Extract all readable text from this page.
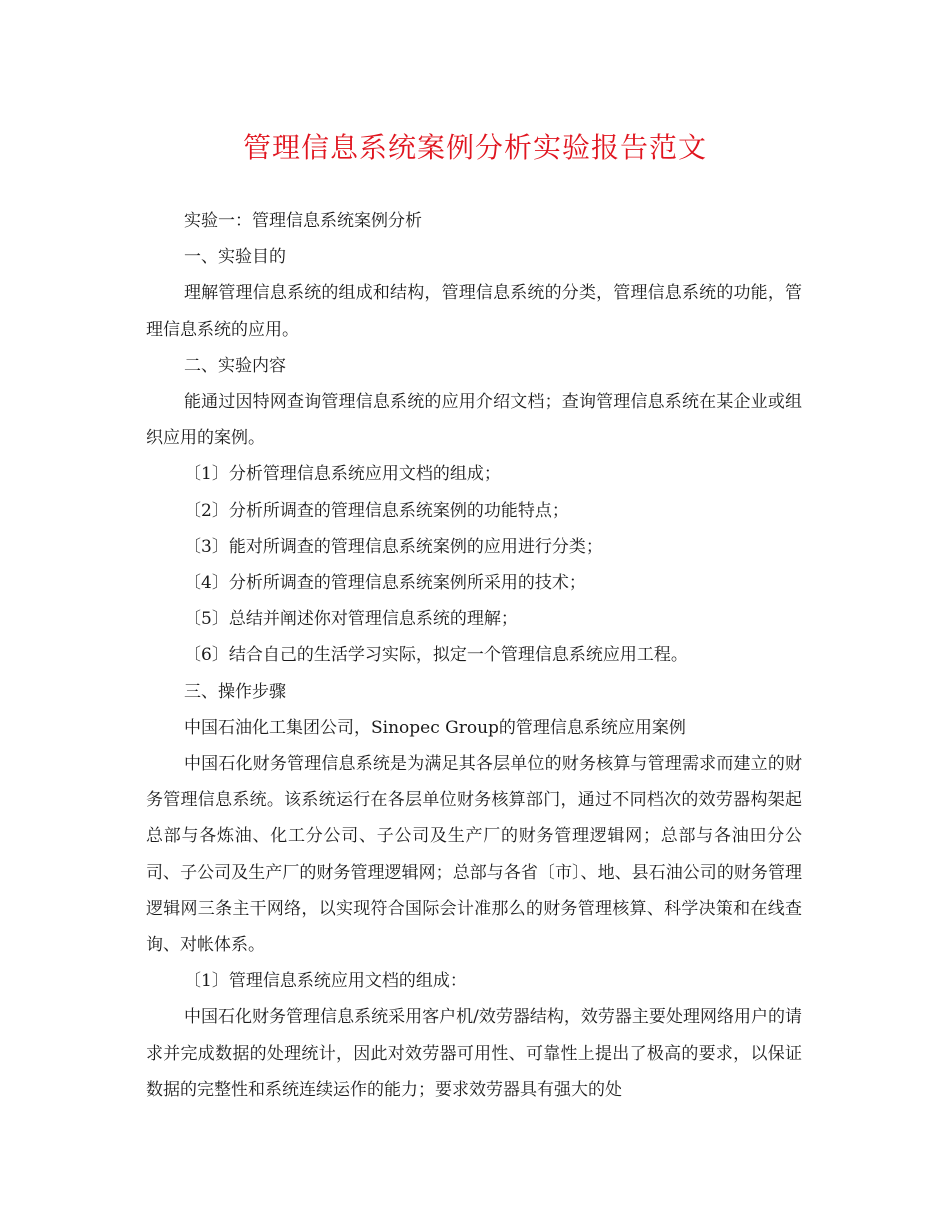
管理信息系统案例分析实验报告范文

实验一：管理信息系统案例分析

一、实验目的

理解管理信息系统的组成和结构，管理信息系统的分类，管理信息系统的功能，管理信息系统的应用。

二、实验内容

能通过因特网查询管理信息系统的应用介绍文档；查询管理信息系统在某企业或组织应用的案例。

〔1〕分析管理信息系统应用文档的组成；

〔2〕分析所调查的管理信息系统案例的功能特点；

〔3〕能对所调查的管理信息系统案例的应用进行分类；

〔4〕分析所调查的管理信息系统案例所采用的技术；

〔5〕总结并阐述你对管理信息系统的理解；

〔6〕结合自己的生活学习实际，拟定一个管理信息系统应用工程。

三、操作步骤

中国石油化工集团公司，Sinopec Group的管理信息系统应用案例

中国石化财务管理信息系统是为满足其各层单位的财务核算与管理需求而建立的财务管理信息系统。该系统运行在各层单位财务核算部门，通过不同档次的效劳器构架起总部与各炼油、化工分公司、子公司及生产厂的财务管理逻辑网；总部与各油田分公司、子公司及生产厂的财务管理逻辑网；总部与各省〔市〕、地、县石油公司的财务管理逻辑网三条主干网络，以实现符合国际会计准那么的财务管理核算、科学决策和在线查询、对帐体系。

〔1〕管理信息系统应用文档的组成：

中国石化财务管理信息系统采用客户机/效劳器结构，效劳器主要处理网络用户的请求并完成数据的处理统计，因此对效劳器可用性、可靠性上提出了极高的要求，以保证数据的完整性和系统连续运作的能力；要求效劳器具有强大的处
